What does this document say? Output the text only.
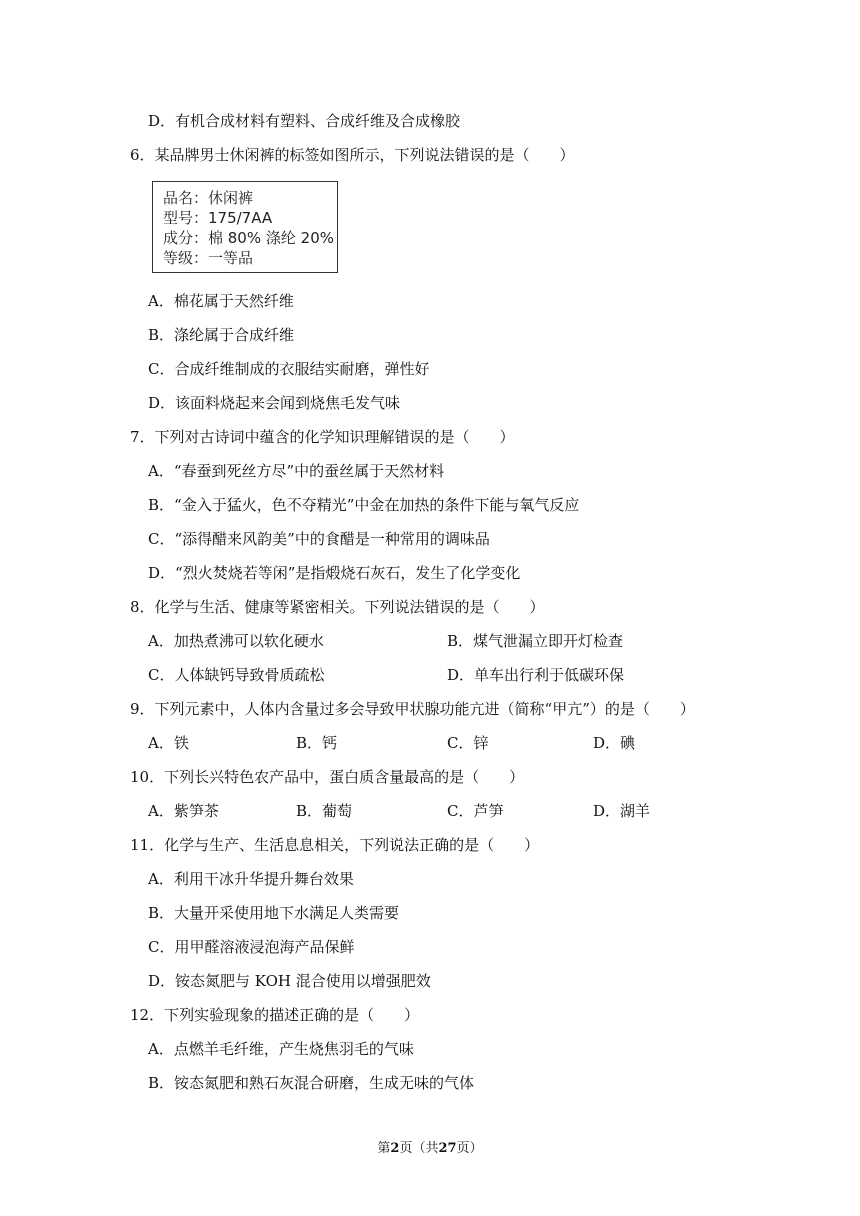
D．有机合成材料有塑料、合成纤维及合成橡胶
6．某品牌男士休闲裤的标签如图所示，下列说法错误的是（　　）
品名：休闲裤
型号：175/7AA
成分：棉 80% 涤纶 20%
等级：一等品
A．棉花属于天然纤维
B．涤纶属于合成纤维
C．合成纤维制成的衣服结实耐磨，弹性好
D．该面料烧起来会闻到烧焦毛发气味
7．下列对古诗词中蕴含的化学知识理解错误的是（　　）
A．“春蚕到死丝方尽”中的蚕丝属于天然材料
B．“金入于猛火，色不夺精光”中金在加热的条件下能与氧气反应
C．“添得醋来风韵美”中的食醋是一种常用的调味品
D．“烈火焚烧若等闲”是指煅烧石灰石，发生了化学变化
8．化学与生活、健康等紧密相关。下列说法错误的是（　　）
A．加热煮沸可以软化硬水	B．煤气泄漏立即开灯检查
C．人体缺钙导致骨质疏松	D．单车出行利于低碳环保
9．下列元素中，人体内含量过多会导致甲状腺功能亢进（简称“甲亢”）的是（　　）
A．铁	B．钙	C．锌	D．碘
10．下列长兴特色农产品中，蛋白质含量最高的是（　　）
A．紫笋茶	B．葡萄	C．芦笋	D．湖羊
11．化学与生产、生活息息相关，下列说法正确的是（　　）
A．利用干冰升华提升舞台效果
B．大量开采使用地下水满足人类需要
C．用甲醛溶液浸泡海产品保鲜
D．铵态氮肥与 KOH 混合使用以增强肥效
12．下列实验现象的描述正确的是（　　）
A．点燃羊毛纤维，产生烧焦羽毛的气味
B．铵态氮肥和熟石灰混合研磨，生成无味的气体
第2页（共27页）
